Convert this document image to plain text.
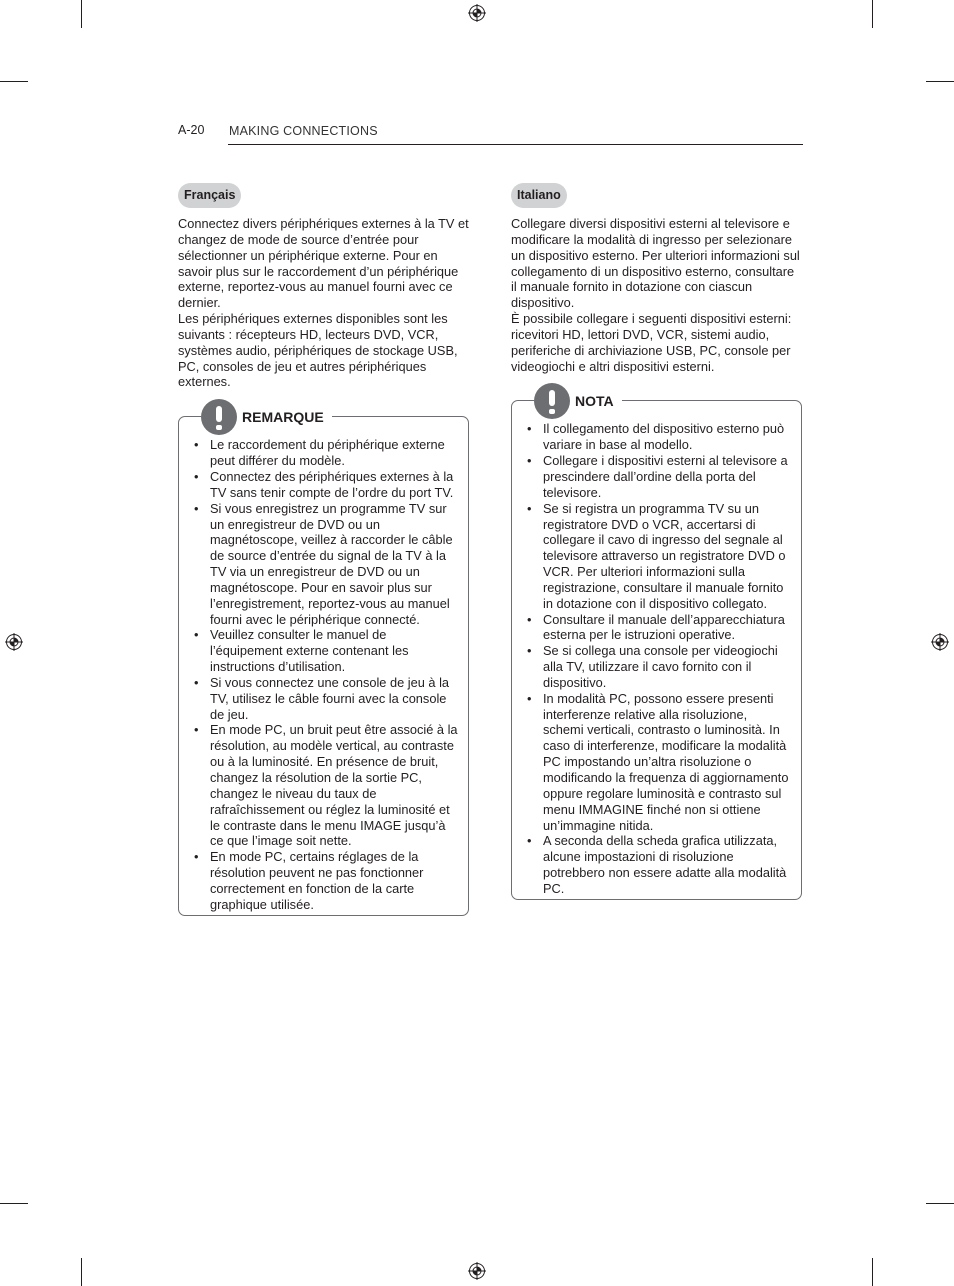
A-20 MAKING CONNECTIONS
Français

Connectez divers périphériques externes à la TV et changez de mode de source d’entrée pour sélectionner un périphérique externe. Pour en savoir plus sur le raccordement d’un périphérique externe, reportez-vous au manuel fourni avec ce dernier.

Les périphériques externes disponibles sont les suivants : récepteurs HD, lecteurs DVD, VCR, systèmes audio, périphériques de stockage USB, PC, consoles de jeu et autres périphériques externes.

REMARQUE
• Le raccordement du périphérique externe peut différer du modèle.
• Connectez des périphériques externes à la TV sans tenir compte de l’ordre du port TV.
• Si vous enregistrez un programme TV sur un enregistreur de DVD ou un magnétoscope, veillez à raccorder le câble de source d’entrée du signal de la TV à la TV via un enregistreur de DVD ou un magnétoscope. Pour en savoir plus sur l’enregistrement, reportez-vous au manuel fourni avec le périphérique connecté.
• Veuillez consulter le manuel de l’équipement externe contenant les instructions d’utilisation.
• Si vous connectez une console de jeu à la TV, utilisez le câble fourni avec la console de jeu.
• En mode PC, un bruit peut être associé à la résolution, au modèle vertical, au contraste ou à la luminosité. En présence de bruit, changez la résolution de la sortie PC, changez le niveau du taux de rafraîchissement ou réglez la luminosité et le contraste dans le menu IMAGE jusqu’à ce que l’image soit nette.
• En mode PC, certains réglages de la résolution peuvent ne pas fonctionner correctement en fonction de la carte graphique utilisée.
Italiano

Collegare diversi dispositivi esterni al televisore e modificare la modalità di ingresso per selezionare un dispositivo esterno. Per ulteriori informazioni sul collegamento di un dispositivo esterno, consultare il manuale fornito in dotazione con ciascun dispositivo.

È possibile collegare i seguenti dispositivi esterni: ricevitori HD, lettori DVD, VCR, sistemi audio, periferiche di archiviazione USB, PC, console per videogiochi e altri dispositivi esterni.

NOTA
• Il collegamento del dispositivo esterno può variare in base al modello.
• Collegare i dispositivi esterni al televisore a prescindere dall’ordine della porta del televisore.
• Se si registra un programma TV su un registratore DVD o VCR, accertarsi di collegare il cavo di ingresso del segnale al televisore attraverso un registratore DVD o VCR. Per ulteriori informazioni sulla registrazione, consultare il manuale fornito in dotazione con il dispositivo collegato.
• Consultare il manuale dell’apparecchiatura esterna per le istruzioni operative.
• Se si collega una console per videogiochi alla TV, utilizzare il cavo fornito con il dispositivo.
• In modalità PC, possono essere presenti interferenze relative alla risoluzione, schemi verticali, contrasto o luminosità. In caso di interferenze, modificare la modalità PC impostando un’altra risoluzione o modificando la frequenza di aggiornamento oppure regolare luminosità e contrasto sul menu IMMAGINE finché non si ottiene un’immagine nitida.
• A seconda della scheda grafica utilizzata, alcune impostazioni di risoluzione potrebbero non essere adatte alla modalità PC.
